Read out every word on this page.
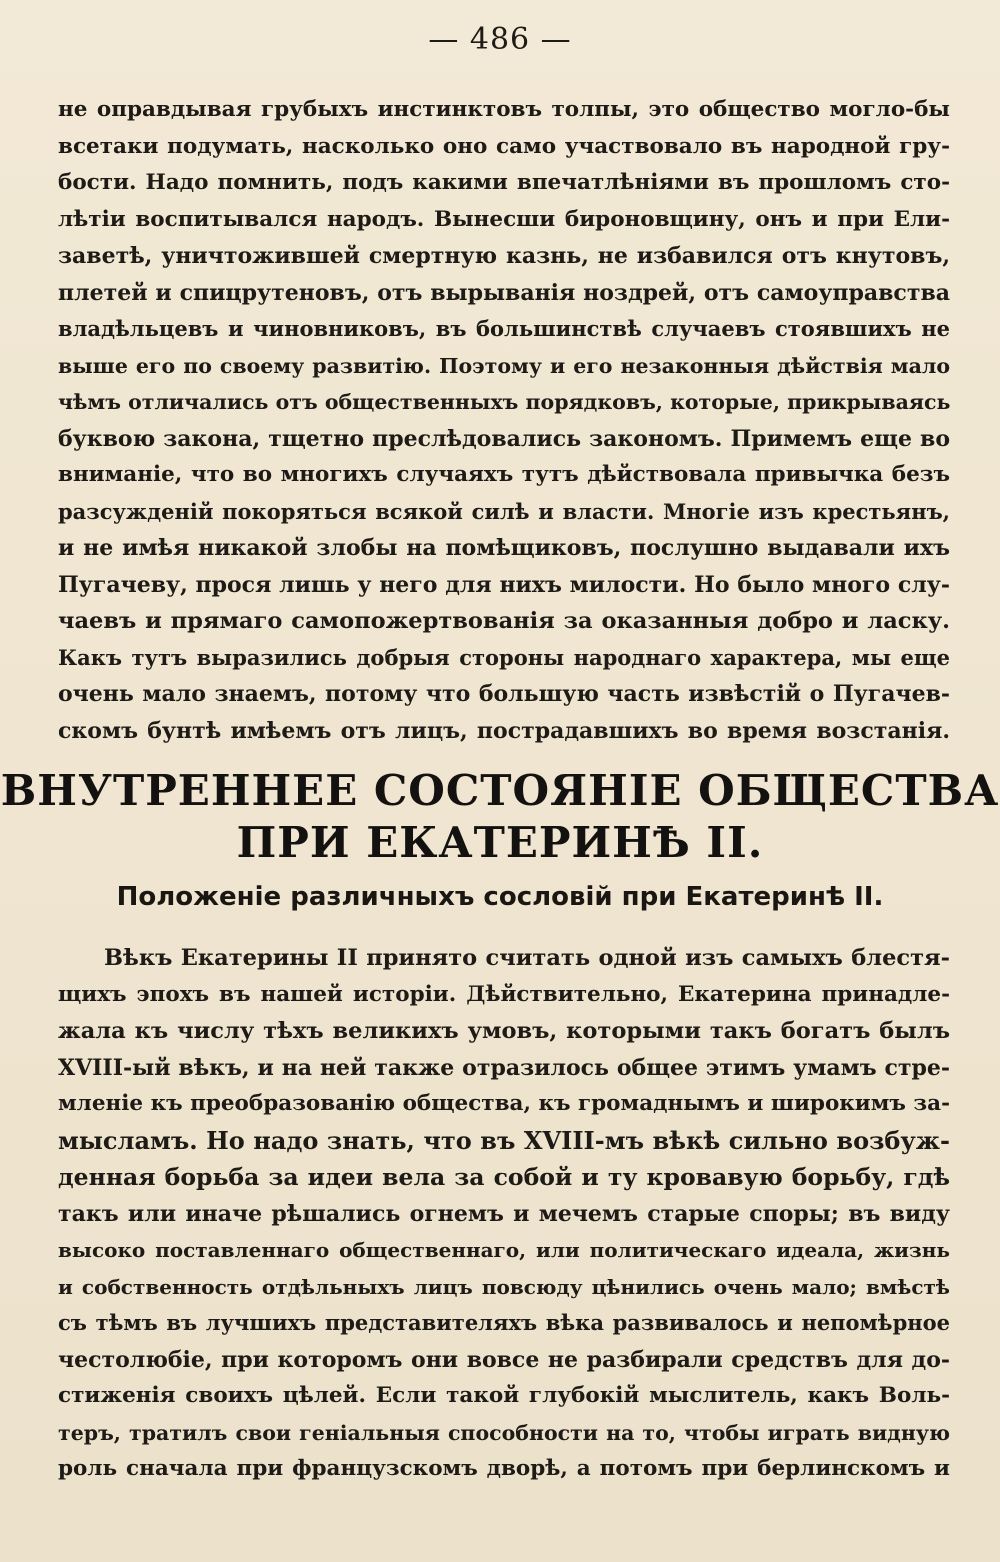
— 486 —
не оправдывая грубыхъ инстинктовъ толпы, это общество могло-бы
всетаки подумать, насколько оно само участвовало въ народной гру-
бости. Надо помнить, подъ какими впечатлѣніями въ прошломъ сто-
лѣтіи воспитывался народъ. Вынесши бироновщину, онъ и при Ели-
заветѣ, уничтожившей смертную казнь, не избавился отъ кнутовъ,
плетей и спицрутеновъ, отъ вырыванія ноздрей, отъ самоуправства
владѣльцевъ и чиновниковъ, въ большинствѣ случаевъ стоявшихъ не
выше его по своему развитію. Поэтому и его незаконныя дѣйствія мало
чѣмъ отличались отъ общественныхъ порядковъ, которые, прикрываясь
буквою закона, тщетно преслѣдовались закономъ. Примемъ еще во
вниманіе, что во многихъ случаяхъ тутъ дѣйствовала привычка безъ
разсужденій покоряться всякой силѣ и власти. Многіе изъ крестьянъ,
и не имѣя никакой злобы на помѣщиковъ, послушно выдавали ихъ
Пугачеву, прося лишь у него для нихъ милости. Но было много слу-
чаевъ и прямаго самопожертвованія за оказанныя добро и ласку.
Какъ тутъ выразились добрыя стороны народнаго характера, мы еще
очень мало знаемъ, потому что большую часть извѣстій о Пугачев-
скомъ бунтѣ имѣемъ отъ лицъ, пострадавшихъ во время возстанія.
ВНУТРЕННЕЕ СОСТОЯНІЕ ОБЩЕСТВА
ПРИ ЕКАТЕРИНѢ II.
Положеніе различныхъ сословій при Екатеринѣ II.
Вѣкъ Екатерины II принято считать одной изъ самыхъ блестя-
щихъ эпохъ въ нашей исторіи. Дѣйствительно, Екатерина принадле-
жала къ числу тѣхъ великихъ умовъ, которыми такъ богатъ былъ
XVIII-ый вѣкъ, и на ней также отразилось общее этимъ умамъ стре-
мленіе къ преобразованію общества, къ громаднымъ и широкимъ за-
мысламъ. Но надо знать, что въ XVIII-мъ вѣкѣ сильно возбуж-
денная борьба за идеи вела за собой и ту кровавую борьбу, гдѣ
такъ или иначе рѣшались огнемъ и мечемъ старые споры; въ виду
высоко поставленнаго общественнаго, или политическаго идеала, жизнь
и собственность отдѣльныхъ лицъ повсюду цѣнились очень мало; вмѣстѣ
съ тѣмъ въ лучшихъ представителяхъ вѣка развивалось и непомѣрное
честолюбіе, при которомъ они вовсе не разбирали средствъ для до-
стиженія своихъ цѣлей. Если такой глубокій мыслитель, какъ Воль-
теръ, тратилъ свои геніальныя способности на то, чтобы играть видную
роль сначала при французскомъ дворѣ, а потомъ при берлинскомъ и
